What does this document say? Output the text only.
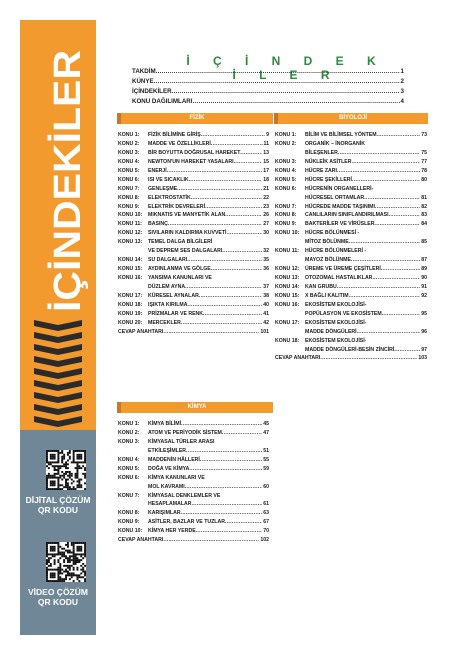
İÇİNDEKİLER
DİJİTAL ÇÖZÜM
QR KODU
VİDEO ÇÖZÜM
QR KODU
İ Ç İ N D E K İ L E R
TAKDİM .....	1
KÜNYE .....	2
İÇİNDEKİLER .....	3
KONU DAĞILIMLARI .....	4
FİZİK	BİYOLOJİ
KİMYA
KONU 1:	FİZİK BİLİMİNE GİRİŞ .....	9
KONU 2:	MADDE VE ÖZELLİKLERİ .....	11
KONU 3:	BİR BOYUTTA DOĞRUSAL HAREKET .....	13
KONU 4:	NEWTON'UN HAREKET YASALARI .....	15
KONU 5:	ENERJİ .....	17
KONU 6:	ISI VE SICAKLIK .....	18
KONU 7:	GENLEŞME .....	21
KONU 8:	ELEKTROSTATİK .....	22
KONU 9:	ELEKTRİK DEVRELERİ .....	23
KONU 10:	MIKNATIS VE MANYETİK ALAN .....	26
KONU 11:	BASINÇ .....	27
KONU 12:	SIVILARIN KALDIRMA KUVVETİ .....	30
KONU 13:	TEMEL DALGA BİLGİLERİ
VE DEPREM SES DALGALARI .....	32
KONU 14:	SU DALGALARI .....	35
KONU 15:	AYDINLANMA VE GÖLGE .....	36
KONU 16:	YANSIMA KANUNLARI VE
DÜZLEM AYNA .....	37
KONU 17:	KÜRESEL AYNALAR .....	38
KONU 18:	IŞIKTA KIRILMA .....	40
KONU 19:	PRİZMALAR VE RENK .....	41
KONU 20:	MERCEKLER .....	42
CEVAP ANAHTARI .....	101
KONU 1:	BİLİM VE BİLİMSEL YÖNTEM .....	73
KONU 2:	ORGANİK – İNORGANİK
BİLEŞENLER .....	75
KONU 3:	NÜKLEİK ASİTLER .....	77
KONU 4:	HÜCRE ZARI .....	78
KONU 5:	HÜCRE ŞEKİLLERİ .....	80
KONU 6:	HÜCRENİN ORGANELLERİ-
HÜCRESEL ORTAMLAR .....	81
KONU 7:	HÜCREDE MADDE TAŞINIMI .....	82
KONU 8:	CANLILARIN SINIFLANDIRILMASI .....	83
KONU 9:	BAKTERİLER VE VİRÜSLER .....	84
KONU 10:	HÜCRE BÖLÜNMESİ -
MİTOZ BÖLÜNME .....	85
KONU 11:	HÜCRE BÖLÜNMELERİ -
MAYOZ BÖLÜNME .....	87
KONU 12:	ÜREME VE ÜREME ÇEŞİTLERİ .....	89
KONU 13:	OTOZOMAL HASTALIKLAR .....	90
KONU 14:	KAN GRUBU .....	91
KONU 15:	X BAĞLI KALITIM .....	92
KONU 16:	EKOSİSTEM EKOLOJİSİ-
POPÜLASYON VE EKOSİSTEM .....	95
KONU 17:	EKOSİSTEM EKOLOJİSİ-
MADDE DÖNGÜLERİ .....	96
KONU 18:	EKOSİSTEM EKOLOJİSİ-
MADDE DÖNGÜLERİ-BESİN ZİNCİRİ .....	97
CEVAP ANAHTARI .....	103
KONU 1:	KİMYA BİLİMİ .....	45
KONU 2:	ATOM VE PERİYODİK SİSTEM .....	47
KONU 3:	KİMYASAL TÜRLER ARASI
ETKİLEŞİMLER .....	51
KONU 4:	MADDENİN HÂLLERİ .....	55
KONU 5:	DOĞA VE KİMYA .....	59
KONU 6:	KİMYA KANUNLARI VE
MOL KAVRAMI .....	60
KONU 7:	KİMYASAL DENKLEMLER VE
HESAPLAMALAR .....	61
KONU 8:	KARIŞIMLAR .....	63
KONU 9:	ASİTLER, BAZLAR VE TUZLAR .....	67
KONU 10:	KİMYA HER YERDE .....	70
CEVAP ANAHTARI .....	102
